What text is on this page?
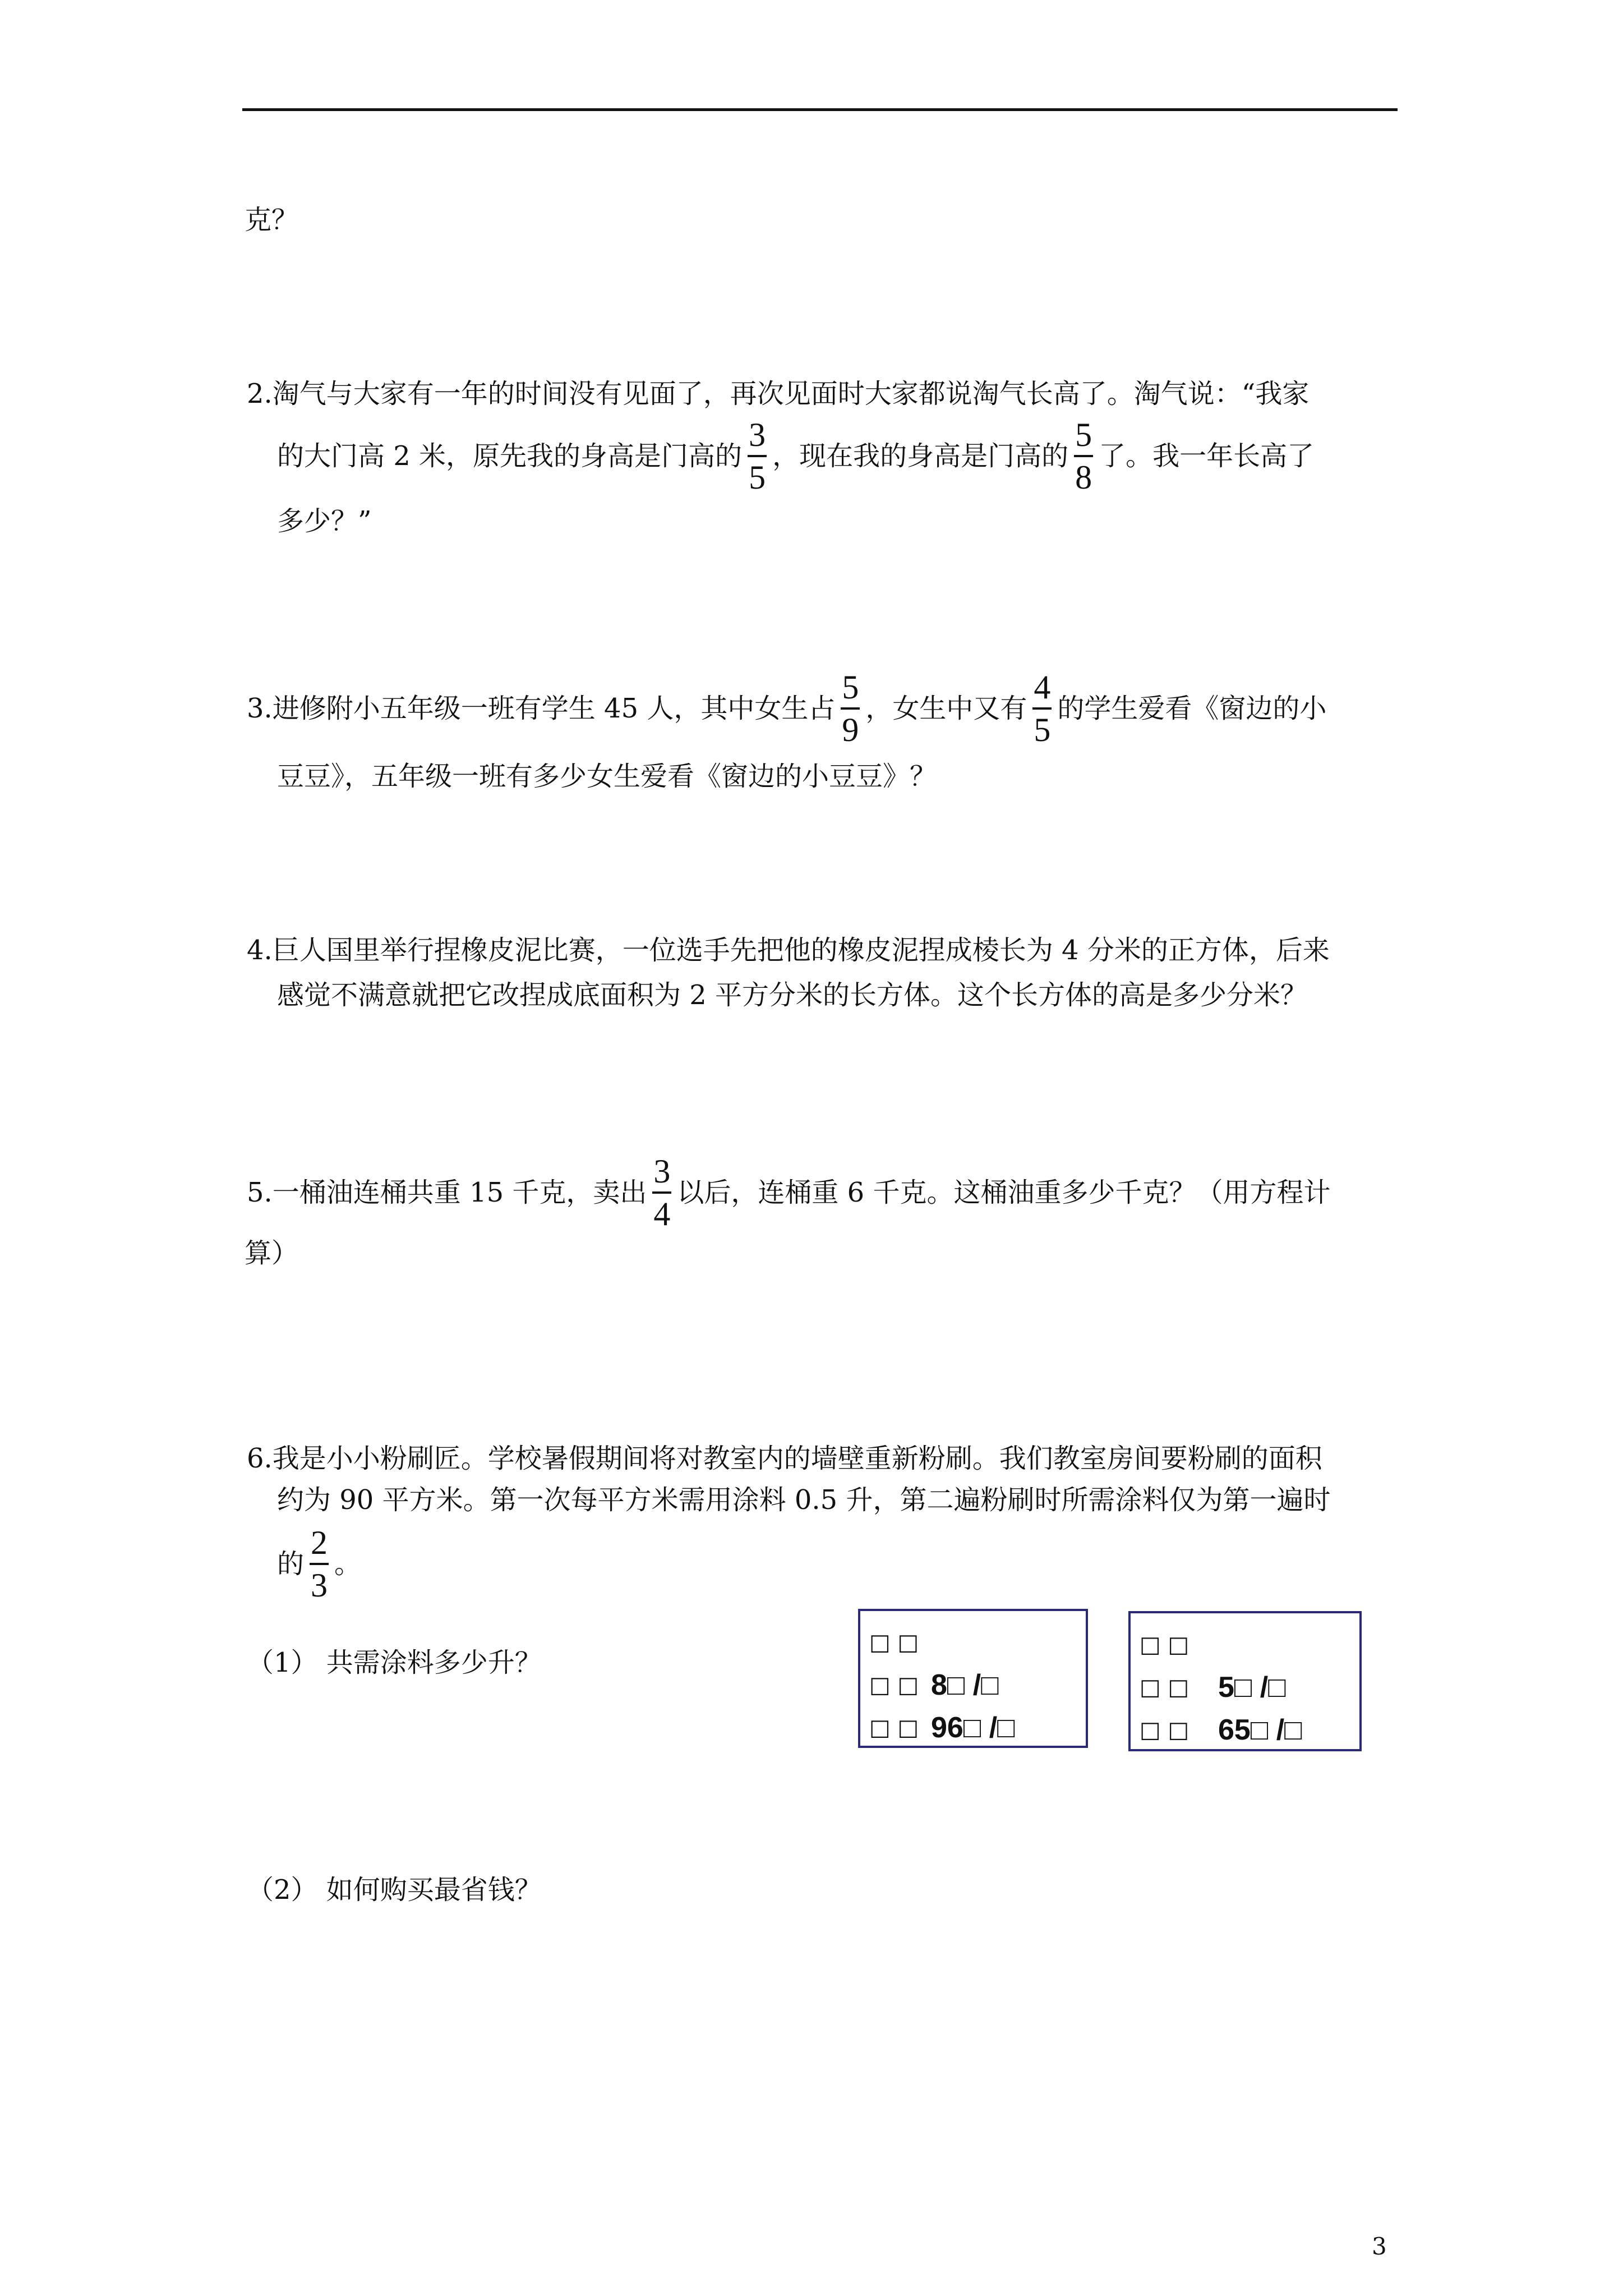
克？
2.淘气与大家有一年的时间没有见面了，再次见面时大家都说淘气长高了。淘气说：“我家
的大门高 2 米，原先我的身高是门高的 $\frac{3}{5}$ ，现在我的身高是门高的 $\frac{5}{8}$ 了。我一年长高了
多少？”
3.进修附小五年级一班有学生 45 人，其中女生占 $\frac{5}{9}$ ，女生中又有 $\frac{4}{5}$ 的学生爱看《窗边的小
豆豆》，五年级一班有多少女生爱看《窗边的小豆豆》？
4.巨人国里举行捏橡皮泥比赛，一位选手先把他的橡皮泥捏成棱长为 4 分米的正方体，后来
感觉不满意就把它改捏成底面积为 2 平方分米的长方体。这个长方体的高是多少分米？
5.一桶油连桶共重 15 千克，卖出 $\frac{3}{4}$ 以后，连桶重 6 千克。这桶油重多少千克？（用方程计
算）
6.我是小小粉刷匠。学校暑假期间将对教室内的墙壁重新粉刷。我们教室房间要粉刷的面积
约为 90 平方米。第一次每平方米需用涂料 0.5 升，第二遍粉刷时所需涂料仅为第一遍时
的 $\frac{2}{3}$ 。
（1） 共需涂料多少升？
（2） 如何购买最省钱？
□ □
□ □ 8□ /□
□ □ 96□ /□
□ □
□ □ 5□ /□
□ □ 65□ /□
3
